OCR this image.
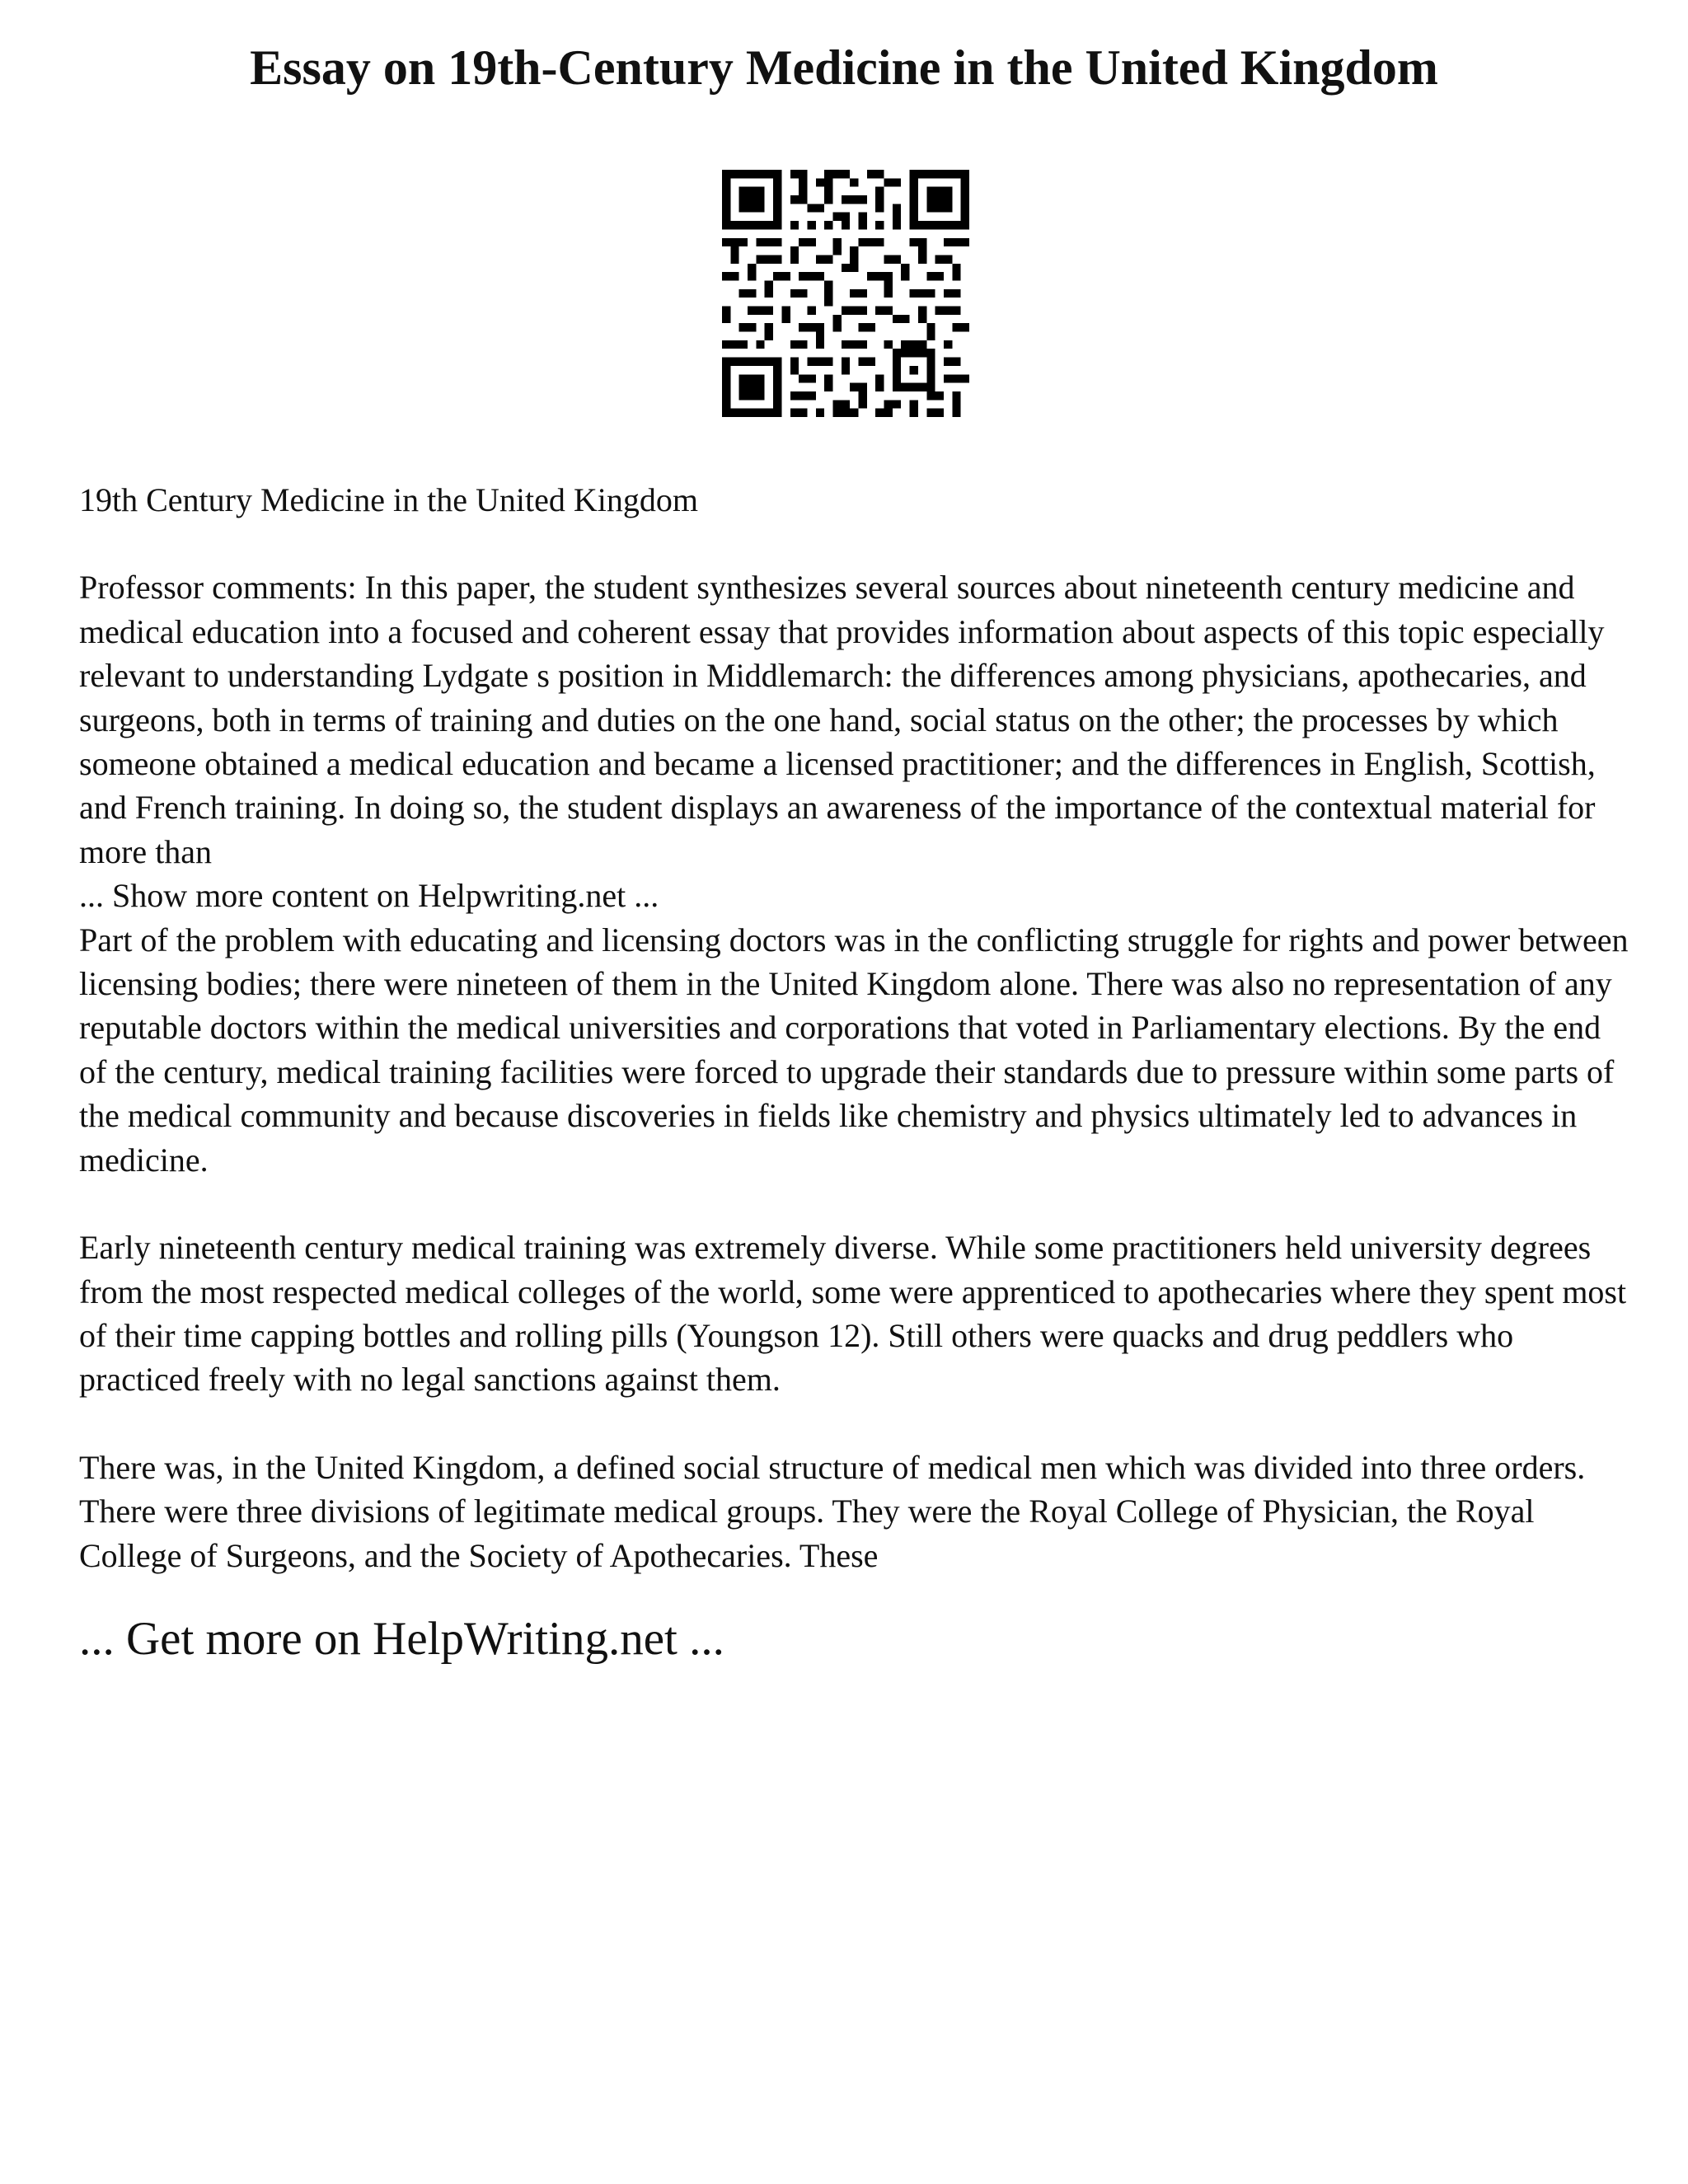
Essay on 19th-Century Medicine in the United Kingdom

19th Century Medicine in the United Kingdom

Professor comments: In this paper, the student synthesizes several sources about nineteenth century medicine and medical education into a focused and coherent essay that provides information about aspects of this topic especially relevant to understanding Lydgate s position in Middlemarch: the differences among physicians, apothecaries, and surgeons, both in terms of training and duties on the one hand, social status on the other; the processes by which someone obtained a medical education and became a licensed practitioner; and the differences in English, Scottish, and French training. In doing so, the student displays an awareness of the importance of the contextual material for more than

... Show more content on Helpwriting.net ...

Part of the problem with educating and licensing doctors was in the conflicting struggle for rights and power between licensing bodies; there were nineteen of them in the United Kingdom alone. There was also no representation of any reputable doctors within the medical universities and corporations that voted in Parliamentary elections. By the end of the century, medical training facilities were forced to upgrade their standards due to pressure within some parts of the medical community and because discoveries in fields like chemistry and physics ultimately led to advances in medicine.

Early nineteenth century medical training was extremely diverse. While some practitioners held university degrees from the most respected medical colleges of the world, some were apprenticed to apothecaries where they spent most of their time capping bottles and rolling pills (Youngson 12). Still others were quacks and drug peddlers who practiced freely with no legal sanctions against them.

There was, in the United Kingdom, a defined social structure of medical men which was divided into three orders. There were three divisions of legitimate medical groups. They were the Royal College of Physician, the Royal College of Surgeons, and the Society of Apothecaries. These

... Get more on HelpWriting.net ...
